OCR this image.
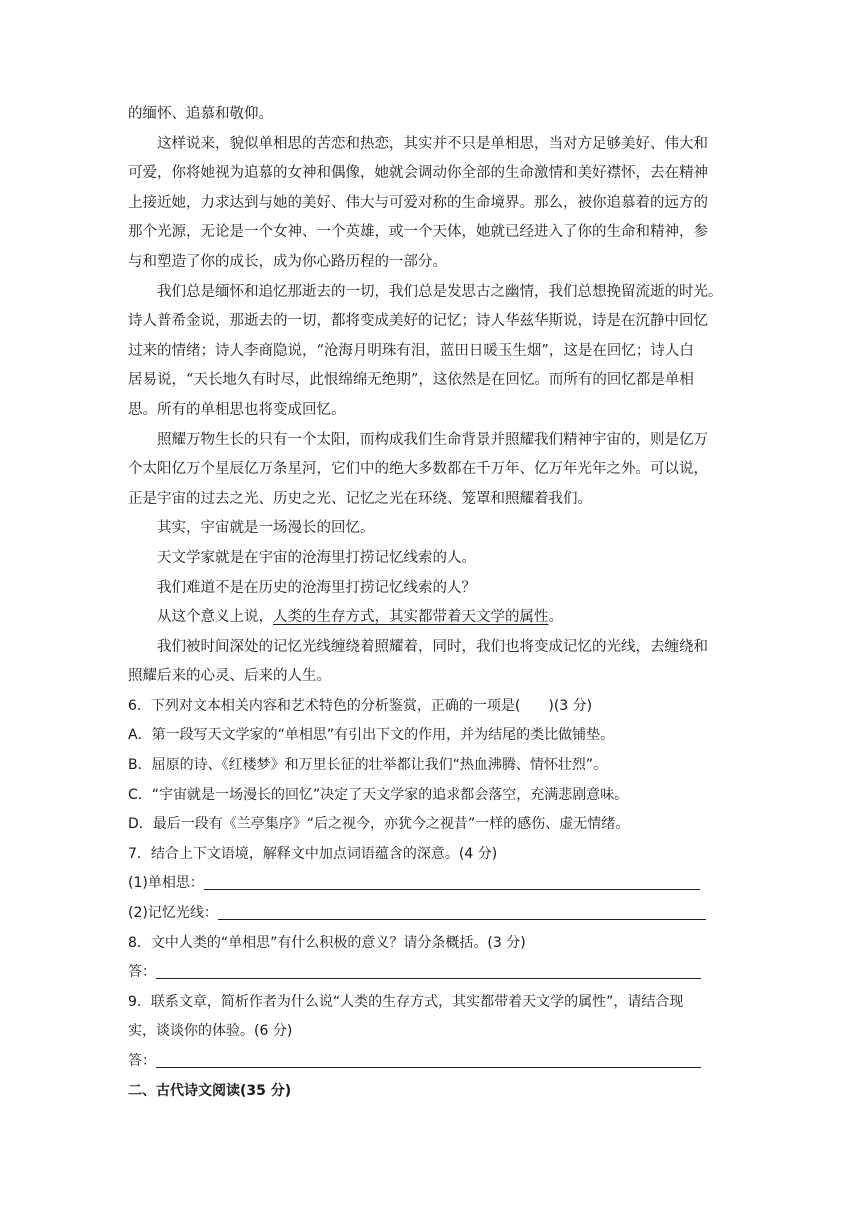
的缅怀、追慕和敬仰。
这样说来，貌似单相思的苦恋和热恋，其实并不只是单相思，当对方足够美好、伟大和
可爱，你将她视为追慕的女神和偶像，她就会调动你全部的生命激情和美好襟怀，去在精神
上接近她，力求达到与她的美好、伟大与可爱对称的生命境界。那么，被你追慕着的远方的
那个光源，无论是一个女神、一个英雄，或一个天体，她就已经进入了你的生命和精神，参
与和塑造了你的成长，成为你心路历程的一部分。
我们总是缅怀和追忆那逝去的一切，我们总是发思古之幽情，我们总想挽留流逝的时光。
诗人普希金说，那逝去的一切，都将变成美好的记忆；诗人华兹华斯说，诗是在沉静中回忆
过来的情绪；诗人李商隐说，“沧海月明珠有泪，蓝田日暖玉生烟”，这是在回忆；诗人白
居易说，“天长地久有时尽，此恨绵绵无绝期”，这依然是在回忆。而所有的回忆都是单相
思。所有的单相思也将变成回忆。
照耀万物生长的只有一个太阳，而构成我们生命背景并照耀我们精神宇宙的，则是亿万
个太阳亿万个星辰亿万条星河，它们中的绝大多数都在千万年、亿万年光年之外。可以说，
正是宇宙的过去之光、历史之光、记忆之光在环绕、笼罩和照耀着我们。
其实，宇宙就是一场漫长的回忆。
天文学家就是在宇宙的沧海里打捞记忆线索的人。
我们难道不是在历史的沧海里打捞记忆线索的人？
从这个意义上说，人类的生存方式，其实都带着天文学的属性。
我们被时间深处的记忆光线缠绕着照耀着，同时，我们也将变成记忆的光线，去缠绕和
照耀后来的心灵、后来的人生。
6．下列对文本相关内容和艺术特色的分析鉴赏，正确的一项是(　　)(3 分)
A．第一段写天文学家的“单相思”有引出下文的作用，并为结尾的类比做铺垫。
B．屈原的诗、《红楼梦》和万里长征的壮举都让我们“热血沸腾、情怀壮烈”。
C．“宇宙就是一场漫长的回忆”决定了天文学家的追求都会落空，充满悲剧意味。
D．最后一段有《兰亭集序》“后之视今，亦犹今之视昔”一样的感伤、虚无情绪。
7．结合上下文语境，解释文中加点词语蕴含的深意。(4 分)
(1)单相思：
(2)记忆光线：
8．文中人类的“单相思”有什么积极的意义？请分条概括。(3 分)
答：
9．联系文章，简析作者为什么说“人类的生存方式，其实都带着天文学的属性”，请结合现
实，谈谈你的体验。(6 分)
答：
二、古代诗文阅读(35 分)
